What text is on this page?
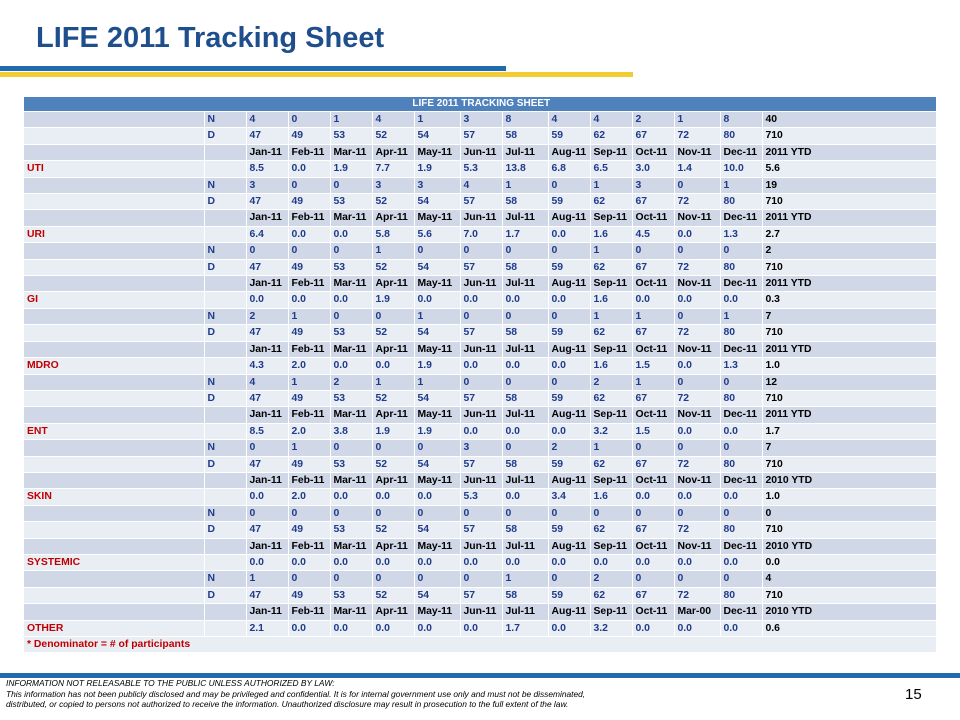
LIFE 2011 Tracking Sheet
LIFE 2011 TRACKING SHEET														
	N	4	0	1	4	1	3	8	4	4	2	1	8	40
	D	47	49	53	52	54	57	58	59	62	67	72	80	710
		Jan-11	Feb-11	Mar-11	Apr-11	May-11	Jun-11	Jul-11	Aug-11	Sep-11	Oct-11	Nov-11	Dec-11	2011 YTD
UTI		8.5	0.0	1.9	7.7	1.9	5.3	13.8	6.8	6.5	3.0	1.4	10.0	5.6
	N	3	0	0	3	3	4	1	0	1	3	0	1	19
	D	47	49	53	52	54	57	58	59	62	67	72	80	710
		Jan-11	Feb-11	Mar-11	Apr-11	May-11	Jun-11	Jul-11	Aug-11	Sep-11	Oct-11	Nov-11	Dec-11	2011 YTD
URI		6.4	0.0	0.0	5.8	5.6	7.0	1.7	0.0	1.6	4.5	0.0	1.3	2.7
	N	0	0	0	1	0	0	0	0	1	0	0	0	2
	D	47	49	53	52	54	57	58	59	62	67	72	80	710
		Jan-11	Feb-11	Mar-11	Apr-11	May-11	Jun-11	Jul-11	Aug-11	Sep-11	Oct-11	Nov-11	Dec-11	2011 YTD
GI		0.0	0.0	0.0	1.9	0.0	0.0	0.0	0.0	1.6	0.0	0.0	0.0	0.3
	N	2	1	0	0	1	0	0	0	1	1	0	1	7
	D	47	49	53	52	54	57	58	59	62	67	72	80	710
		Jan-11	Feb-11	Mar-11	Apr-11	May-11	Jun-11	Jul-11	Aug-11	Sep-11	Oct-11	Nov-11	Dec-11	2011 YTD
MDRO		4.3	2.0	0.0	0.0	1.9	0.0	0.0	0.0	1.6	1.5	0.0	1.3	1.0
	N	4	1	2	1	1	0	0	0	2	1	0	0	12
	D	47	49	53	52	54	57	58	59	62	67	72	80	710
		Jan-11	Feb-11	Mar-11	Apr-11	May-11	Jun-11	Jul-11	Aug-11	Sep-11	Oct-11	Nov-11	Dec-11	2011 YTD
ENT		8.5	2.0	3.8	1.9	1.9	0.0	0.0	0.0	3.2	1.5	0.0	0.0	1.7
	N	0	1	0	0	0	3	0	2	1	0	0	0	7
	D	47	49	53	52	54	57	58	59	62	67	72	80	710
		Jan-11	Feb-11	Mar-11	Apr-11	May-11	Jun-11	Jul-11	Aug-11	Sep-11	Oct-11	Nov-11	Dec-11	2010 YTD
SKIN		0.0	2.0	0.0	0.0	0.0	5.3	0.0	3.4	1.6	0.0	0.0	0.0	1.0
	N	0	0	0	0	0	0	0	0	0	0	0	0	0
	D	47	49	53	52	54	57	58	59	62	67	72	80	710
		Jan-11	Feb-11	Mar-11	Apr-11	May-11	Jun-11	Jul-11	Aug-11	Sep-11	Oct-11	Nov-11	Dec-11	2010 YTD
SYSTEMIC		0.0	0.0	0.0	0.0	0.0	0.0	0.0	0.0	0.0	0.0	0.0	0.0	0.0
	N	1	0	0	0	0	0	1	0	2	0	0	0	4
	D	47	49	53	52	54	57	58	59	62	67	72	80	710
		Jan-11	Feb-11	Mar-11	Apr-11	May-11	Jun-11	Jul-11	Aug-11	Sep-11	Oct-11	Mar-00	Dec-11	2010 YTD
OTHER		2.1	0.0	0.0	0.0	0.0	0.0	1.7	0.0	3.2	0.0	0.0	0.0	0.6
* Denominator = # of participants														
INFORMATION NOT RELEASABLE TO THE PUBLIC UNLESS AUTHORIZED BY LAW:
This information has not been publicly disclosed and may be privileged and confidential. It is for internal government use only and must not be disseminated,
distributed, or copied to persons not authorized to receive the information. Unauthorized disclosure may result in prosecution to the full extent of the law.
15
